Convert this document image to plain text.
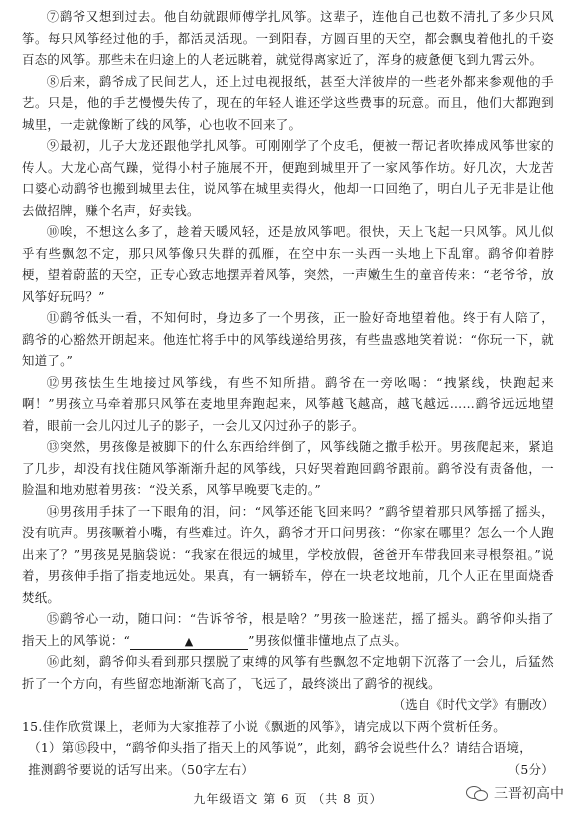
⑦鹞爷又想到过去。他自幼就跟师傅学扎风筝。这辈子，连他自己也数不清扎了多少只风筝。每只风筝经过他的手，都活灵活现。一到阳春，方圆百里的天空，都会飘曳着他扎的千姿百态的风筝。那些未在归途上的人老远眺着，就觉得离家近了，浑身的疲惫便飞到九霄云外。

⑧后来，鹞爷成了民间艺人，还上过电视报纸，甚至大洋彼岸的一些老外都来参观他的手艺。只是，他的手艺慢慢失传了，现在的年轻人谁还学这些费事的玩意。而且，他们大都跑到城里，一走就像断了线的风筝，心也收不回来了。

⑨最初，儿子大龙还跟他学扎风筝。可刚刚学了个皮毛，便被一帮记者吹捧成风筝世家的传人。大龙心高气躁，觉得小村子施展不开，便跑到城里开了一家风筝作坊。好几次，大龙苦口婆心动鹞爷也搬到城里去住，说风筝在城里卖得火，他却一口回绝了，明白儿子无非是让他去做招牌，赚个名声，好卖钱。

⑩唉，不想这么多了，趁着天暖风轻，还是放风筝吧。很快，天上飞起一只风筝。风儿似乎有些飘忽不定，那只风筝像只失群的孤雁，在空中东一头西一头地上下乱窜。鹞爷仰着脖梗，望着蔚蓝的天空，正专心致志地摆弄着风筝，突然，一声嫩生生的童音传来：“老爷爷，放风筝好玩吗？”

⑪鹞爷低头一看，不知何时，身边多了一个男孩，正一脸好奇地望着他。终于有人陪了，鹞爷的心豁然开朗起来。他连忙将手中的风筝线递给男孩，有些蛊惑地笑着说：“你玩一下，就知道了。”

⑫男孩怯生生地接过风筝线，有些不知所措。鹞爷在一旁吆喝：“拽紧线，快跑起来啊！”男孩立马牵着那只风筝在麦地里奔跑起来，风筝越飞越高，越飞越远……鹞爷远远地望着，眼前一会儿闪过儿子的影子，一会儿又闪过孙子的影子。

⑬突然，男孩像是被脚下的什么东西给绊倒了，风筝线随之撒手松开。男孩爬起来，紧追了几步，却没有找住随风筝渐渐升起的风筝线，只好哭着跑回鹞爷跟前。鹞爷没有责备他，一脸温和地劝慰着男孩：“没关系，风筝早晚要飞走的。”

⑭男孩用手抹了一下眼角的泪，问：“风筝还能飞回来吗？”鹞爷望着那只风筝摇了摇头，没有吭声。男孩噘着小嘴，有些难过。许久，鹞爷才开口问男孩：“你家在哪里？怎么一个人跑出来了？”男孩晃晃脑袋说：“我家在很远的城里，学校放假，爸爸开车带我回来寻根祭祖。”说着，男孩伸手指了指麦地远处。果真，有一辆轿车，停在一块老坟地前，几个人正在里面烧香焚纸。

⑮鹞爷心一动，随口问：“告诉爷爷，根是啥？”男孩一脸迷茫，摇了摇头。鹞爷仰头指了指天上的风筝说：“	▲	”男孩似懂非懂地点了点头。

⑯此刻，鹞爷仰头看到那只摆脱了束缚的风筝有些飘忽不定地朝下沉落了一会儿，后猛然折了一个方向，有些留恋地渐渐飞高了，飞远了，最终淡出了鹞爷的视线。

（选自《时代文学》有删改）

15.佳作欣赏课上，老师为大家推荐了小说《飘逝的风筝》，请完成以下两个赏析任务。

（1）第⑮段中，“鹞爷仰头指了指天上的风筝说”，此刻，鹞爷会说些什么？请结合语境，

推测鹞爷要说的话写出来。（50字左右）	（5分）
九年级语文 第 6 页 （共 8 页）	三晋初高中
